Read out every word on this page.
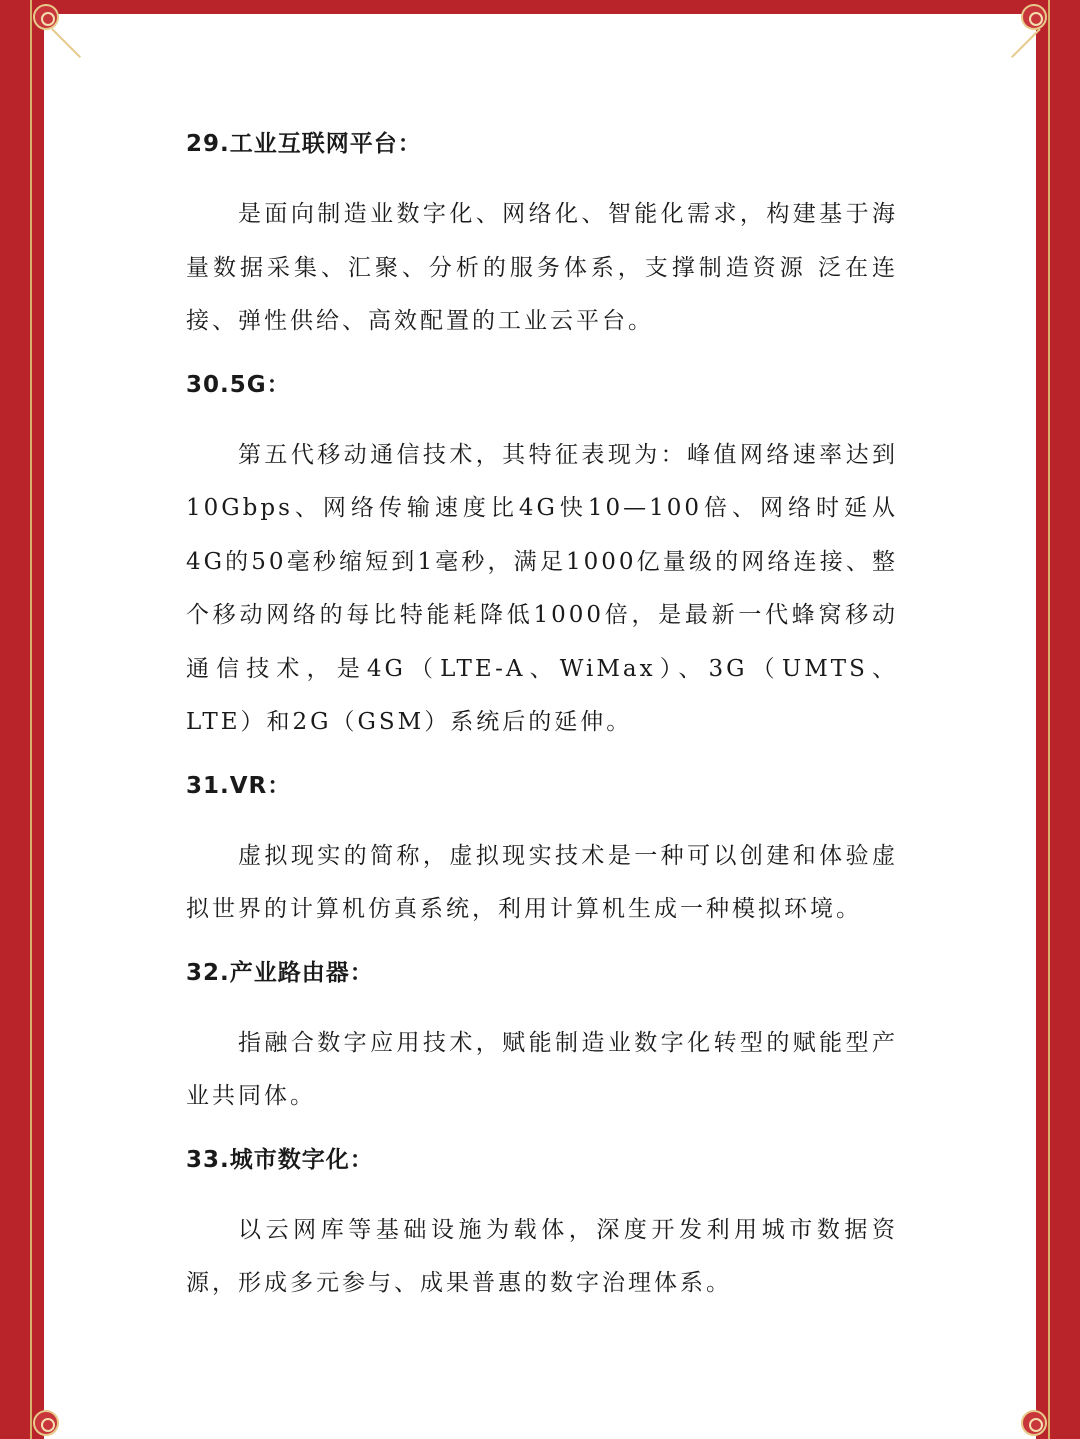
29.工业互联网平台：

是面向制造业数字化、网络化、智能化需求，构建基于海量数据采集、汇聚、分析的服务体系，支撑制造资源 泛在连接、弹性供给、高效配置的工业云平台。

30.5G：

第五代移动通信技术，其特征表现为：峰值网络速率达到10Gbps、网络传输速度比4G快10—100倍、网络时延从4G的50毫秒缩短到1毫秒，满足1000亿量级的网络连接、整个移动网络的每比特能耗降低1000倍，是最新一代蜂窝移动通信技术，是4G（LTE-A、WiMax）、3G（UMTS、LTE）和2G（GSM）系统后的延伸。

31.VR：

虚拟现实的简称，虚拟现实技术是一种可以创建和体验虚拟世界的计算机仿真系统，利用计算机生成一种模拟环境。

32.产业路由器：

指融合数字应用技术，赋能制造业数字化转型的赋能型产业共同体。

33.城市数字化：

以云网库等基础设施为载体，深度开发利用城市数据资源，形成多元参与、成果普惠的数字治理体系。
